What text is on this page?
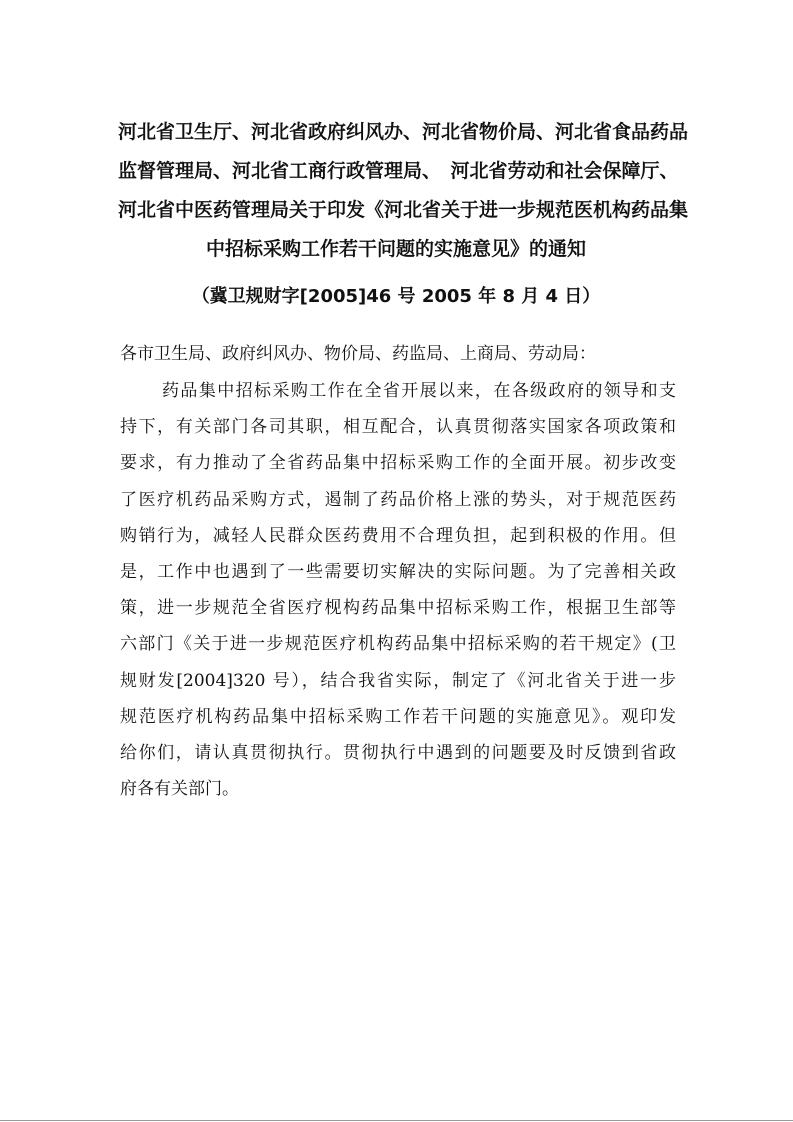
河北省卫生厅、河北省政府纠风办、河北省物价局、河北省食品药品
监督管理局、河北省工商行政管理局、　河北省劳动和社会保障厅、
河北省中医药管理局关于印发《河北省关于进一步规范医机构药品集
中招标采购工作若干问题的实施意见》的通知
（冀卫规财字[2005]46 号 2005 年 8 月 4 日）
各市卫生局、政府纠风办、物价局、药监局、上商局、劳动局：
药品集中招标采购工作在全省开展以来，在各级政府的领导和支
持下，有关部门各司其职，相互配合，认真贯彻落实国家各项政策和
要求，有力推动了全省药品集中招标采购工作的全面开展。初步改变
了医疗机药品采购方式，遏制了药品价格上涨的势头，对于规范医药
购销行为，减轻人民群众医药费用不合理负担，起到积极的作用。但
是，工作中也遇到了一些需要切实解决的实际问题。为了完善相关政
策，进一步规范全省医疗枧构药品集中招标采购工作，根据卫生部等
六部门《关于进一步规范医疗机构药品集中招标采购的若干规定》(卫
规财发[2004]320 号），结合我省实际，制定了《河北省关于进一步
规范医疗机构药品集中招标采购工作若干问题的实施意见》。观印发
给你们，请认真贯彻执行。贯彻执行中遇到的问题要及时反馈到省政
府各有关部门。
